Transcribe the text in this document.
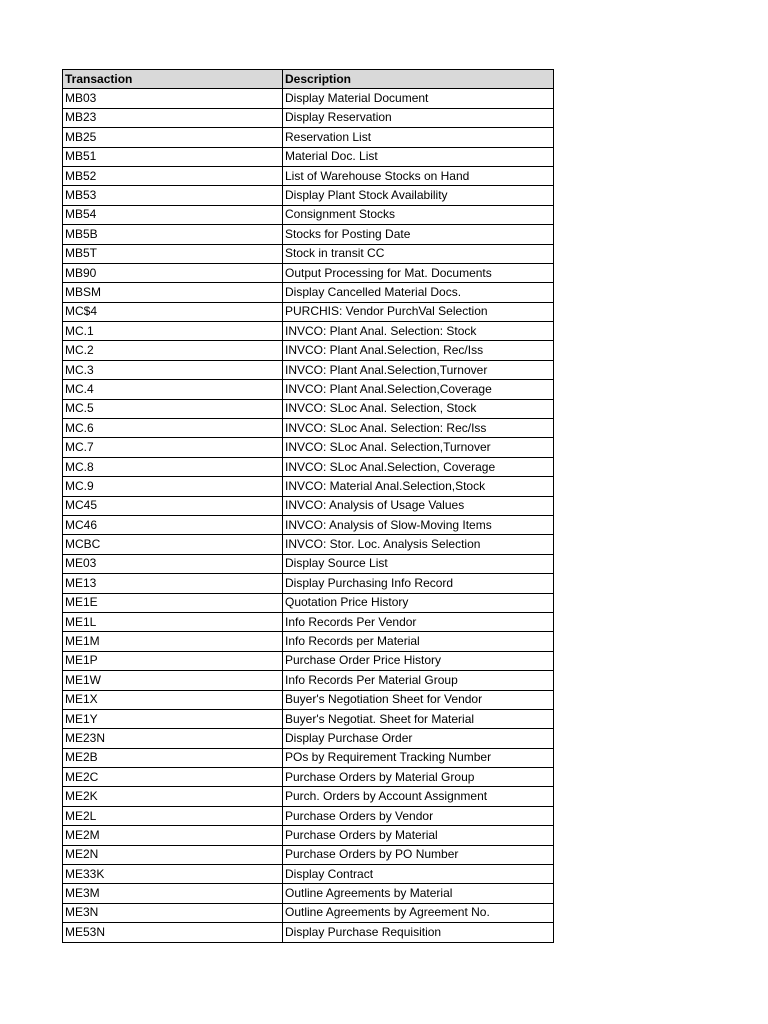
Transaction	Description
MB03	Display Material Document
MB23	Display Reservation
MB25	Reservation List
MB51	Material Doc. List
MB52	List of Warehouse Stocks on Hand
MB53	Display Plant Stock Availability
MB54	Consignment Stocks
MB5B	Stocks for Posting Date
MB5T	Stock in transit CC
MB90	Output Processing for Mat. Documents
MBSM	Display Cancelled Material Docs.
MC$4	PURCHIS: Vendor PurchVal Selection
MC.1	INVCO: Plant Anal. Selection: Stock
MC.2	INVCO: Plant Anal.Selection, Rec/Iss
MC.3	INVCO: Plant Anal.Selection,Turnover
MC.4	INVCO: Plant Anal.Selection,Coverage
MC.5	INVCO: SLoc Anal. Selection, Stock
MC.6	INVCO: SLoc Anal. Selection: Rec/Iss
MC.7	INVCO: SLoc Anal. Selection,Turnover
MC.8	INVCO: SLoc Anal.Selection, Coverage
MC.9	INVCO: Material Anal.Selection,Stock
MC45	INVCO: Analysis of Usage Values
MC46	INVCO: Analysis of Slow-Moving Items
MCBC	INVCO: Stor. Loc. Analysis Selection
ME03	Display Source List
ME13	Display Purchasing Info Record
ME1E	Quotation Price History
ME1L	Info Records Per Vendor
ME1M	Info Records per Material
ME1P	Purchase Order Price History
ME1W	Info Records Per Material Group
ME1X	Buyer's Negotiation Sheet for Vendor
ME1Y	Buyer's Negotiat. Sheet for Material
ME23N	Display Purchase Order
ME2B	POs by Requirement Tracking Number
ME2C	Purchase Orders by Material Group
ME2K	Purch. Orders by Account Assignment
ME2L	Purchase Orders by Vendor
ME2M	Purchase Orders by Material
ME2N	Purchase Orders by PO Number
ME33K	Display Contract
ME3M	Outline Agreements by Material
ME3N	Outline Agreements by Agreement No.
ME53N	Display Purchase Requisition
